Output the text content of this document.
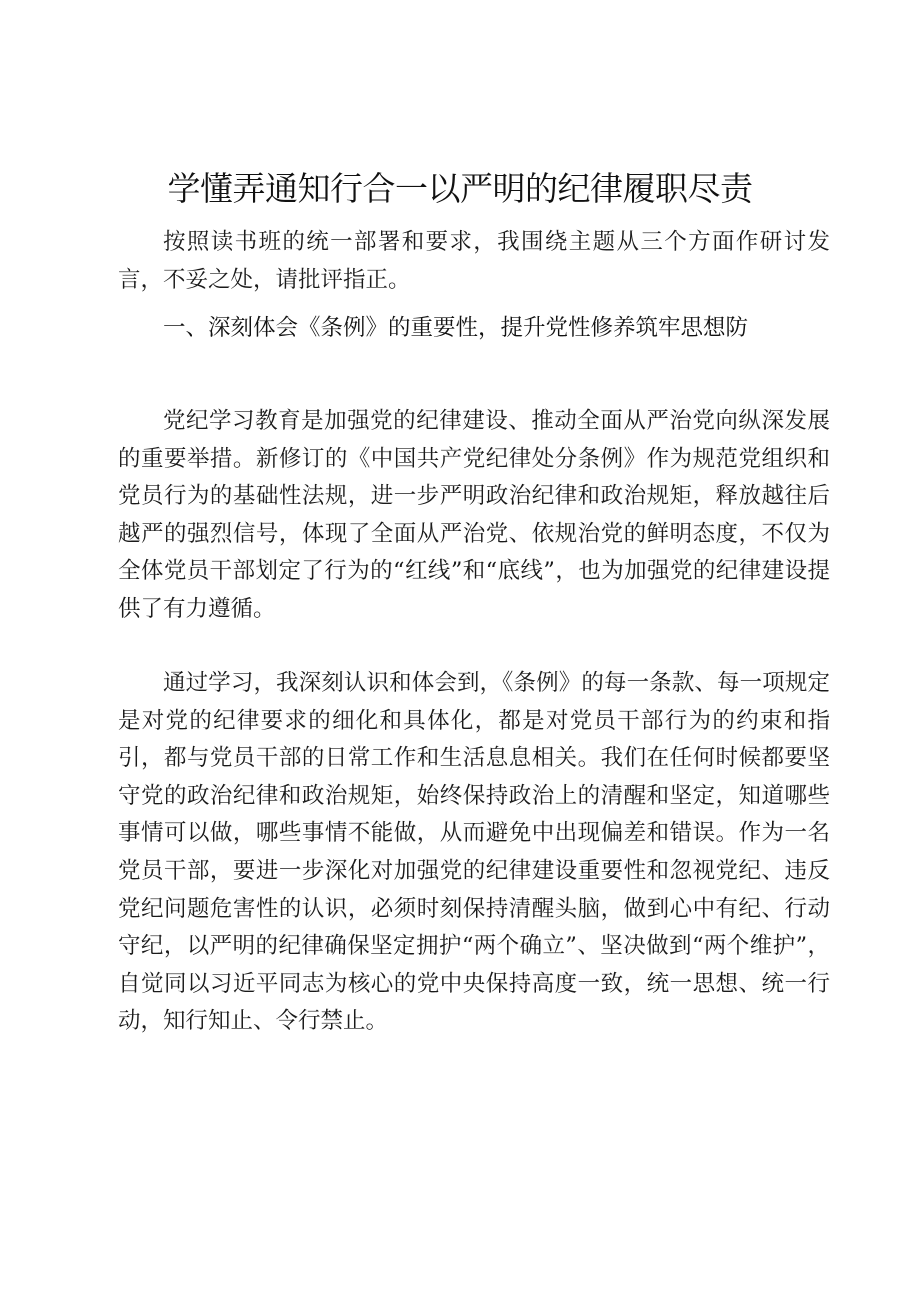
学懂弄通知行合一以严明的纪律履职尽责

按照读书班的统一部署和要求，我围绕主题从三个方面作研讨发言，不妥之处，请批评指正。

一、深刻体会《条例》的重要性，提升党性修养筑牢思想防

党纪学习教育是加强党的纪律建设、推动全面从严治党向纵深发展的重要举措。新修订的《中国共产党纪律处分条例》作为规范党组织和党员行为的基础性法规，进一步严明政治纪律和政治规矩，释放越往后越严的强烈信号，体现了全面从严治党、依规治党的鲜明态度，不仅为全体党员干部划定了行为的“红线”和“底线”，也为加强党的纪律建设提供了有力遵循。

通过学习，我深刻认识和体会到，《条例》的每一条款、每一项规定是对党的纪律要求的细化和具体化，都是对党员干部行为的约束和指引，都与党员干部的日常工作和生活息息相关。我们在任何时候都要坚守党的政治纪律和政治规矩，始终保持政治上的清醒和坚定，知道哪些事情可以做，哪些事情不能做，从而避免中出现偏差和错误。作为一名党员干部，要进一步深化对加强党的纪律建设重要性和忽视党纪、违反党纪问题危害性的认识，必须时刻保持清醒头脑，做到心中有纪、行动守纪，以严明的纪律确保坚定拥护“两个确立”、坚决做到“两个维护”，自觉同以习近平同志为核心的党中央保持高度一致，统一思想、统一行动，知行知止、令行禁止。
